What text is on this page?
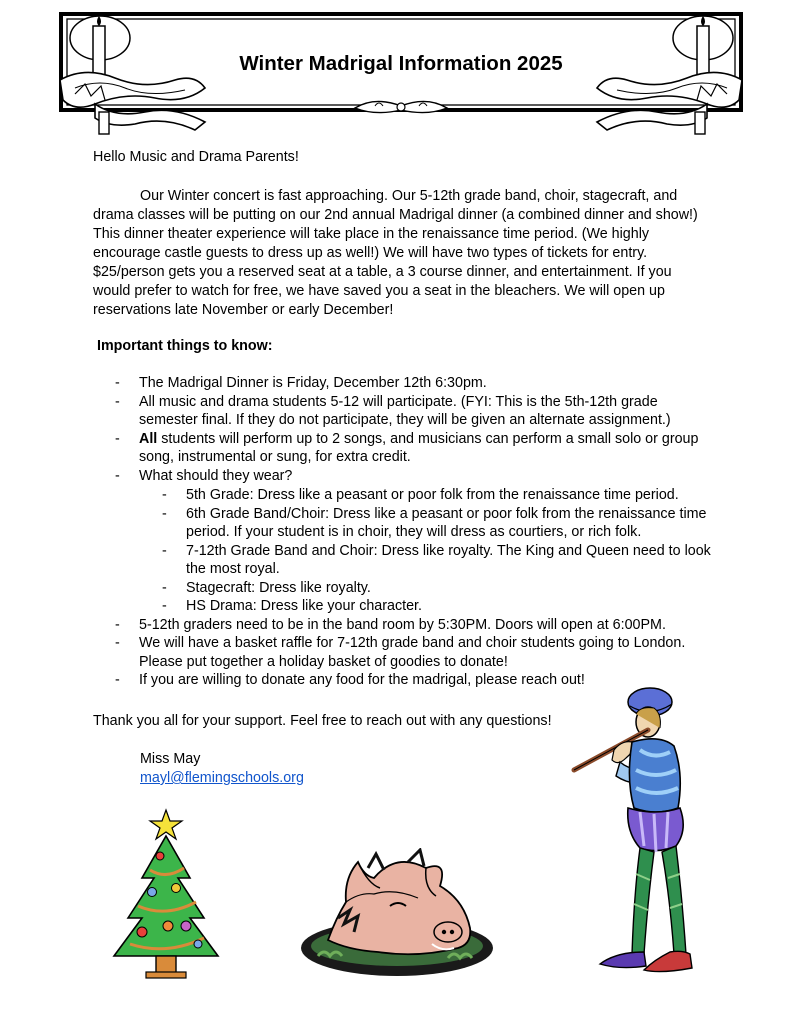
Winter Madrigal Information 2025

Hello Music and Drama Parents!

Our Winter concert is fast approaching. Our 5-12th grade band, choir, stagecraft, and drama classes will be putting on our 2nd annual Madrigal dinner (a combined dinner and show!) This dinner theater experience will take place in the renaissance time period. (We highly encourage castle guests to dress up as well!) We will have two types of tickets for entry. $25/person gets you a reserved seat at a table, a 3 course dinner, and entertainment. If you would prefer to watch for free, we have saved you a seat in the bleachers. We will open up reservations late November or early December!

Important things to know:

- The Madrigal Dinner is Friday, December 12th 6:30pm.
- All music and drama students 5-12 will participate. (FYI: This is the 5th-12th grade semester final. If they do not participate, they will be given an alternate assignment.)
- All students will perform up to 2 songs, and musicians can perform a small solo or group song, instrumental or sung, for extra credit.
- What should they wear?
- 5th Grade: Dress like a peasant or poor folk from the renaissance time period.
- 6th Grade Band/Choir: Dress like a peasant or poor folk from the renaissance time period. If your student is in choir, they will dress as courtiers, or rich folk.
- 7-12th Grade Band and Choir: Dress like royalty. The King and Queen need to look the most royal.
- Stagecraft: Dress like royalty.
- HS Drama: Dress like your character.
- 5-12th graders need to be in the band room by 5:30PM. Doors will open at 6:00PM.
- We will have a basket raffle for 7-12th grade band and choir students going to London. Please put together a holiday basket of goodies to donate!
- If you are willing to donate any food for the madrigal, please reach out!

Thank you all for your support. Feel free to reach out with any questions!

Miss May

mayl@flemingschools.org
